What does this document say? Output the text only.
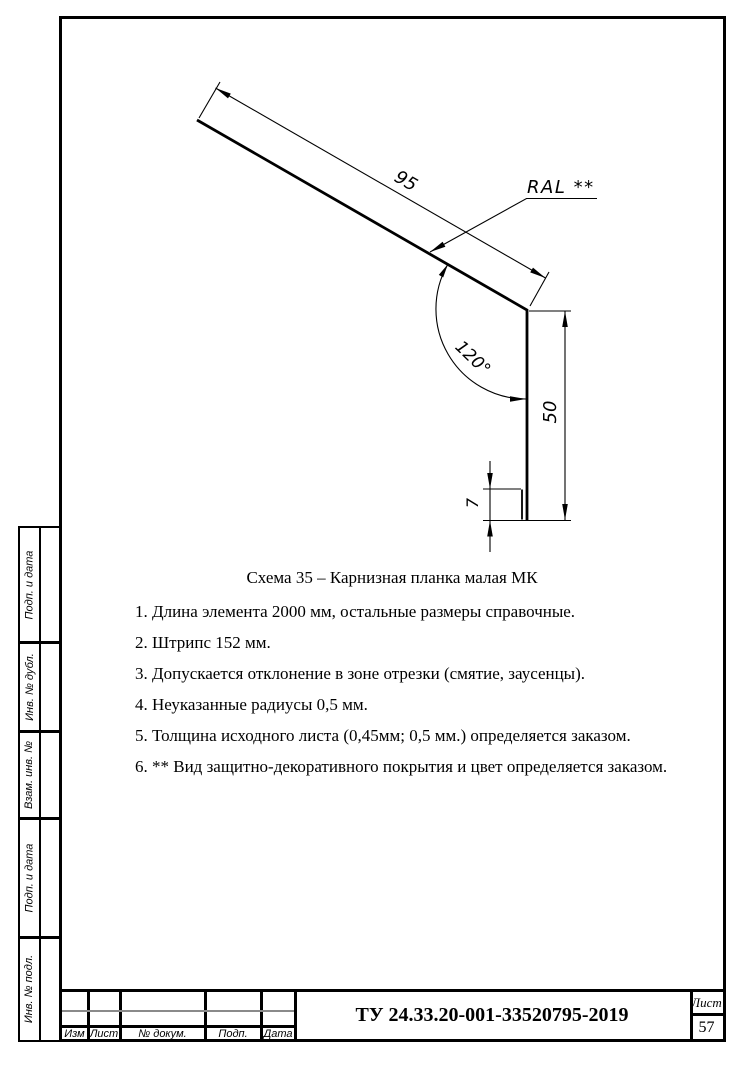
95
50
7
120°
RAL **
Схема 35 – Карнизная планка малая МК
1. Длина элемента 2000 мм, остальные размеры справочные.
2. Штрипс 152 мм.
3. Допускается отклонение в зоне отрезки (смятие, заусенцы).
4. Неуказанные радиусы 0,5 мм.
5. Толщина исходного листа (0,45мм; 0,5 мм.) определяется заказом.
6. ** Вид защитно-декоративного покрытия и цвет определяется заказом.
Подп. и дата
Инв. № дубл.
Взам. инв. №
Подп. и дата
Инв. № подл.
Изм Лист	№ докум.	Подп.	Дата
ТУ 24.33.20-001-33520795-2019
Лист
57
